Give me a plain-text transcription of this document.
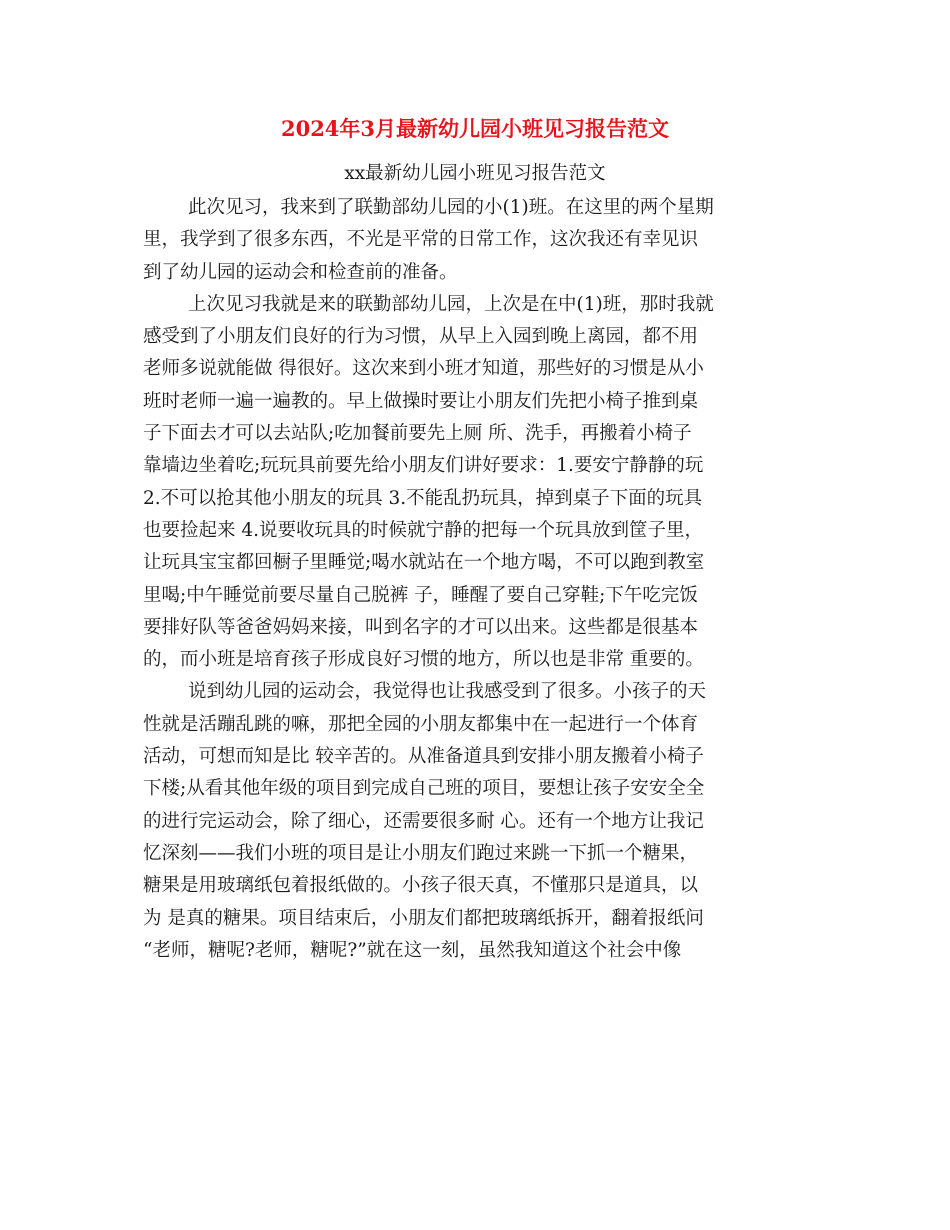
2024年3月最新幼儿园小班见习报告范文
xx最新幼儿园小班见习报告范文
此次见习，我来到了联勤部幼儿园的小(1)班。在这里的两个星期
里，我学到了很多东西，不光是平常的日常工作，这次我还有幸见识
到了幼儿园的运动会和检查前的准备。
上次见习我就是来的联勤部幼儿园，上次是在中(1)班，那时我就
感受到了小朋友们良好的行为习惯，从早上入园到晚上离园，都不用
老师多说就能做 得很好。这次来到小班才知道，那些好的习惯是从小
班时老师一遍一遍教的。早上做操时要让小朋友们先把小椅子推到桌
子下面去才可以去站队;吃加餐前要先上厕 所、洗手，再搬着小椅子
靠墙边坐着吃;玩玩具前要先给小朋友们讲好要求：1.要安宁静静的玩
2.不可以抢其他小朋友的玩具 3.不能乱扔玩具，掉到桌子下面的玩具
也要捡起来 4.说要收玩具的时候就宁静的把每一个玩具放到筐子里，
让玩具宝宝都回橱子里睡觉;喝水就站在一个地方喝，不可以跑到教室
里喝;中午睡觉前要尽量自己脱裤 子，睡醒了要自己穿鞋;下午吃完饭
要排好队等爸爸妈妈来接，叫到名字的才可以出来。这些都是很基本
的，而小班是培育孩子形成良好习惯的地方，所以也是非常 重要的。
说到幼儿园的运动会，我觉得也让我感受到了很多。小孩子的天
性就是活蹦乱跳的嘛，那把全园的小朋友都集中在一起进行一个体育
活动，可想而知是比 较辛苦的。从准备道具到安排小朋友搬着小椅子
下楼;从看其他年级的项目到完成自己班的项目，要想让孩子安安全全
的进行完运动会，除了细心，还需要很多耐 心。还有一个地方让我记
忆深刻——我们小班的项目是让小朋友们跑过来跳一下抓一个糖果，
糖果是用玻璃纸包着报纸做的。小孩子很天真，不懂那只是道具，以
为 是真的糖果。项目结束后，小朋友们都把玻璃纸拆开，翻着报纸问
“老师，糖呢?老师，糖呢?”就在这一刻，虽然我知道这个社会中像
